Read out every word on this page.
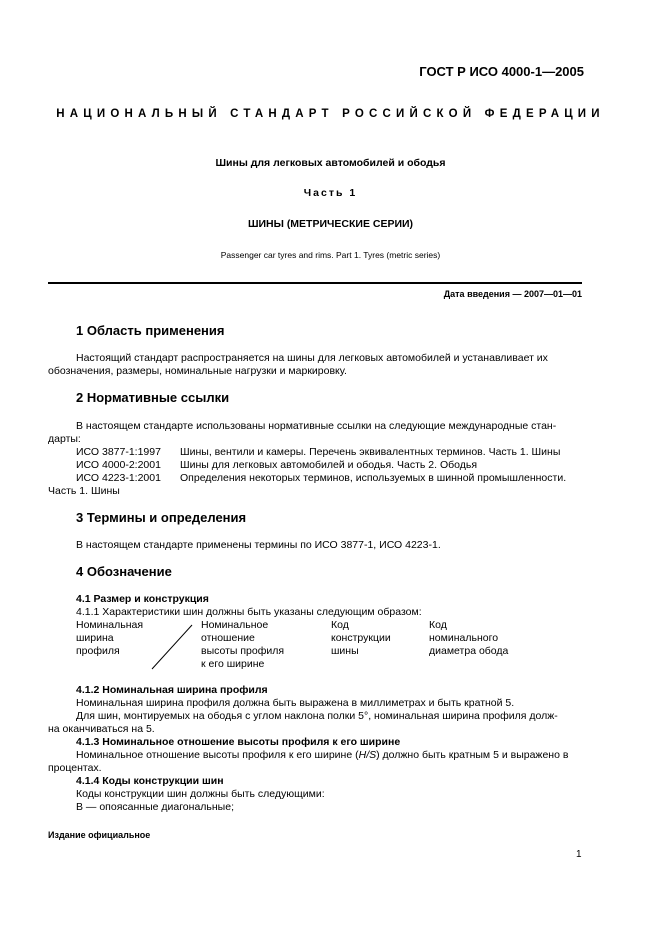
ГОСТ Р ИСО 4000-1—2005
НАЦИОНАЛЬНЫЙ СТАНДАРТ РОССИЙСКОЙ ФЕДЕРАЦИИ
Шины для легковых автомобилей и ободья
Часть 1
ШИНЫ (МЕТРИЧЕСКИЕ СЕРИИ)
Passenger car tyres and rims. Part 1. Tyres (metric series)
Дата введения — 2007—01—01
1 Область применения
Настоящий стандарт распространяется на шины для легковых автомобилей и устанавливает их обозначения, размеры, номинальные нагрузки и маркировку.
2 Нормативные ссылки
В настоящем стандарте использованы нормативные ссылки на следующие международные стан-
дарты:
ИСО 3877-1:1997 Шины, вентили и камеры. Перечень эквивалентных терминов. Часть 1. Шины
ИСО 4000-2:2001 Шины для легковых автомобилей и ободья. Часть 2. Ободья
ИСО 4223-1:2001 Определения некоторых терминов, используемых в шинной промышленности.
Часть 1. Шины
3 Термины и определения
В настоящем стандарте применены термины по ИСО 3877-1, ИСО 4223-1.
4 Обозначение
4.1 Размер и конструкция
4.1.1 Характеристики шин должны быть указаны следующим образом:
Номинальная
ширина
профиля
Номинальное
отношение
высоты профиля
к его ширине
Код
конструкции
шины
Код
номинального
диаметра обода
4.1.2 Номинальная ширина профиля
Номинальная ширина профиля должна быть выражена в миллиметрах и быть кратной 5.
Для шин, монтируемых на ободья с углом наклона полки 5°, номинальная ширина профиля долж-
на оканчиваться на 5.
4.1.3 Номинальное отношение высоты профиля к его ширине
Номинальное отношение высоты профиля к его ширине (H/S) должно быть кратным 5 и выражено в
процентах.
4.1.4 Коды конструкции шин
Коды конструкции шин должны быть следующими:
В — опоясанные диагональные;
Издание официальное
1
